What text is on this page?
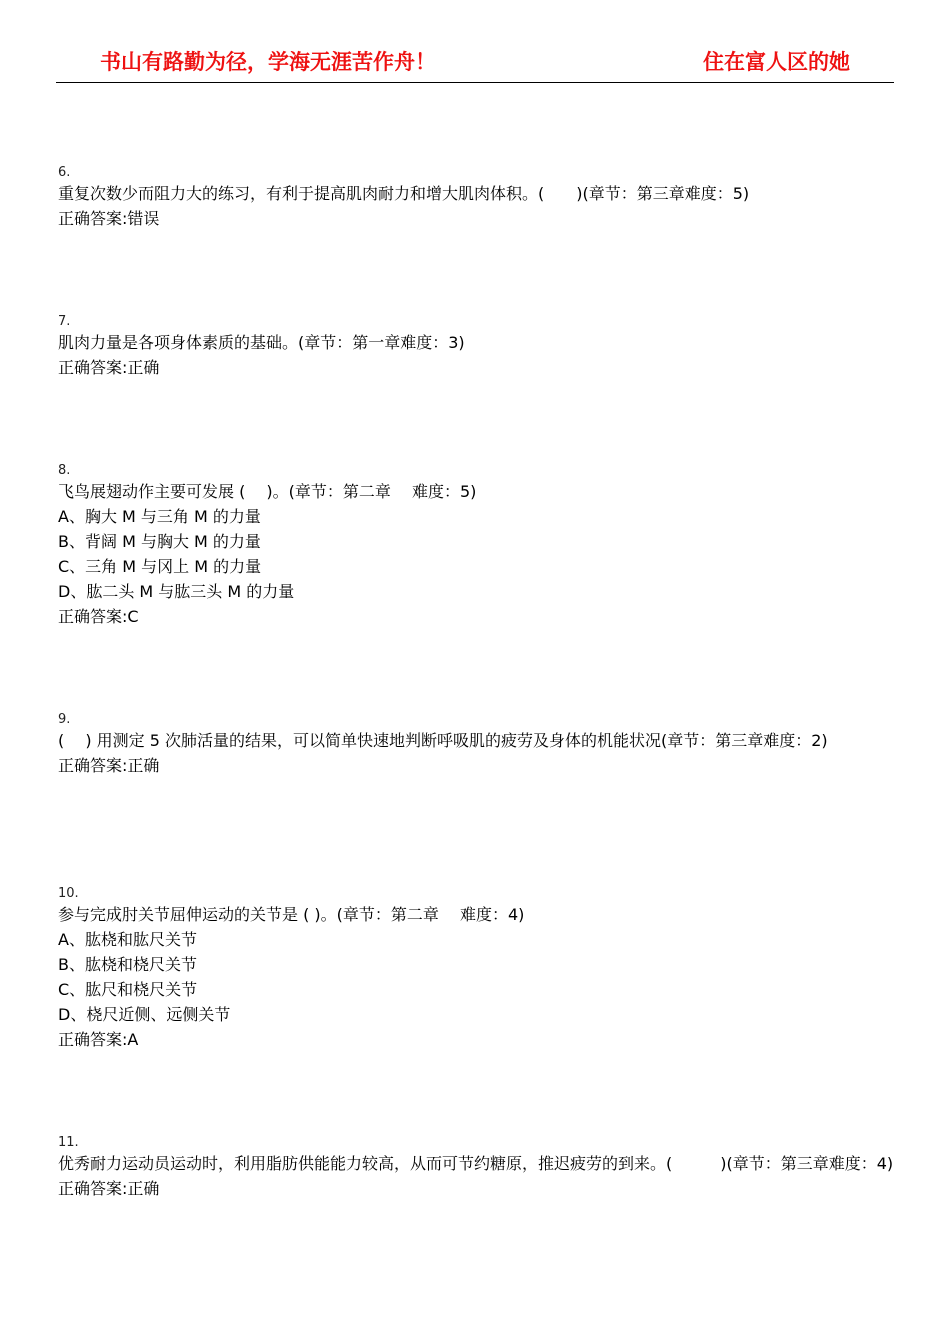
书山有路勤为径，学海无涯苦作舟！	住在富人区的她
6.
重复次数少而阻力大的练习，有利于提高肌肉耐力和增大肌肉体积。(　　)(章节：第三章难度：5)
正确答案:错误
7.
肌肉力量是各项身体素质的基础。(章节：第一章难度：3)
正确答案:正确
8.
飞鸟展翅动作主要可发展 ( 　)。(章节：第二章　 难度：5)
A、胸大 M 与三角 M 的力量
B、背阔 M 与胸大 M 的力量
C、三角 M 与冈上 M 的力量
D、肱二头 M 与肱三头 M 的力量
正确答案:C
9.
( 　) 用测定 5 次肺活量的结果，可以简单快速地判断呼吸肌的疲劳及身体的机能状况(章节：第三章难度：2)
正确答案:正确
10.
参与完成肘关节屈伸运动的关节是 ( )。(章节：第二章　 难度：4)
A、肱桡和肱尺关节
B、肱桡和桡尺关节
C、肱尺和桡尺关节
D、桡尺近侧、远侧关节
正确答案:A
11.
优秀耐力运动员运动时，利用脂肪供能能力较高，从而可节约糖原，推迟疲劳的到来。(　　　)(章节：第三章难度：4)
正确答案:正确
